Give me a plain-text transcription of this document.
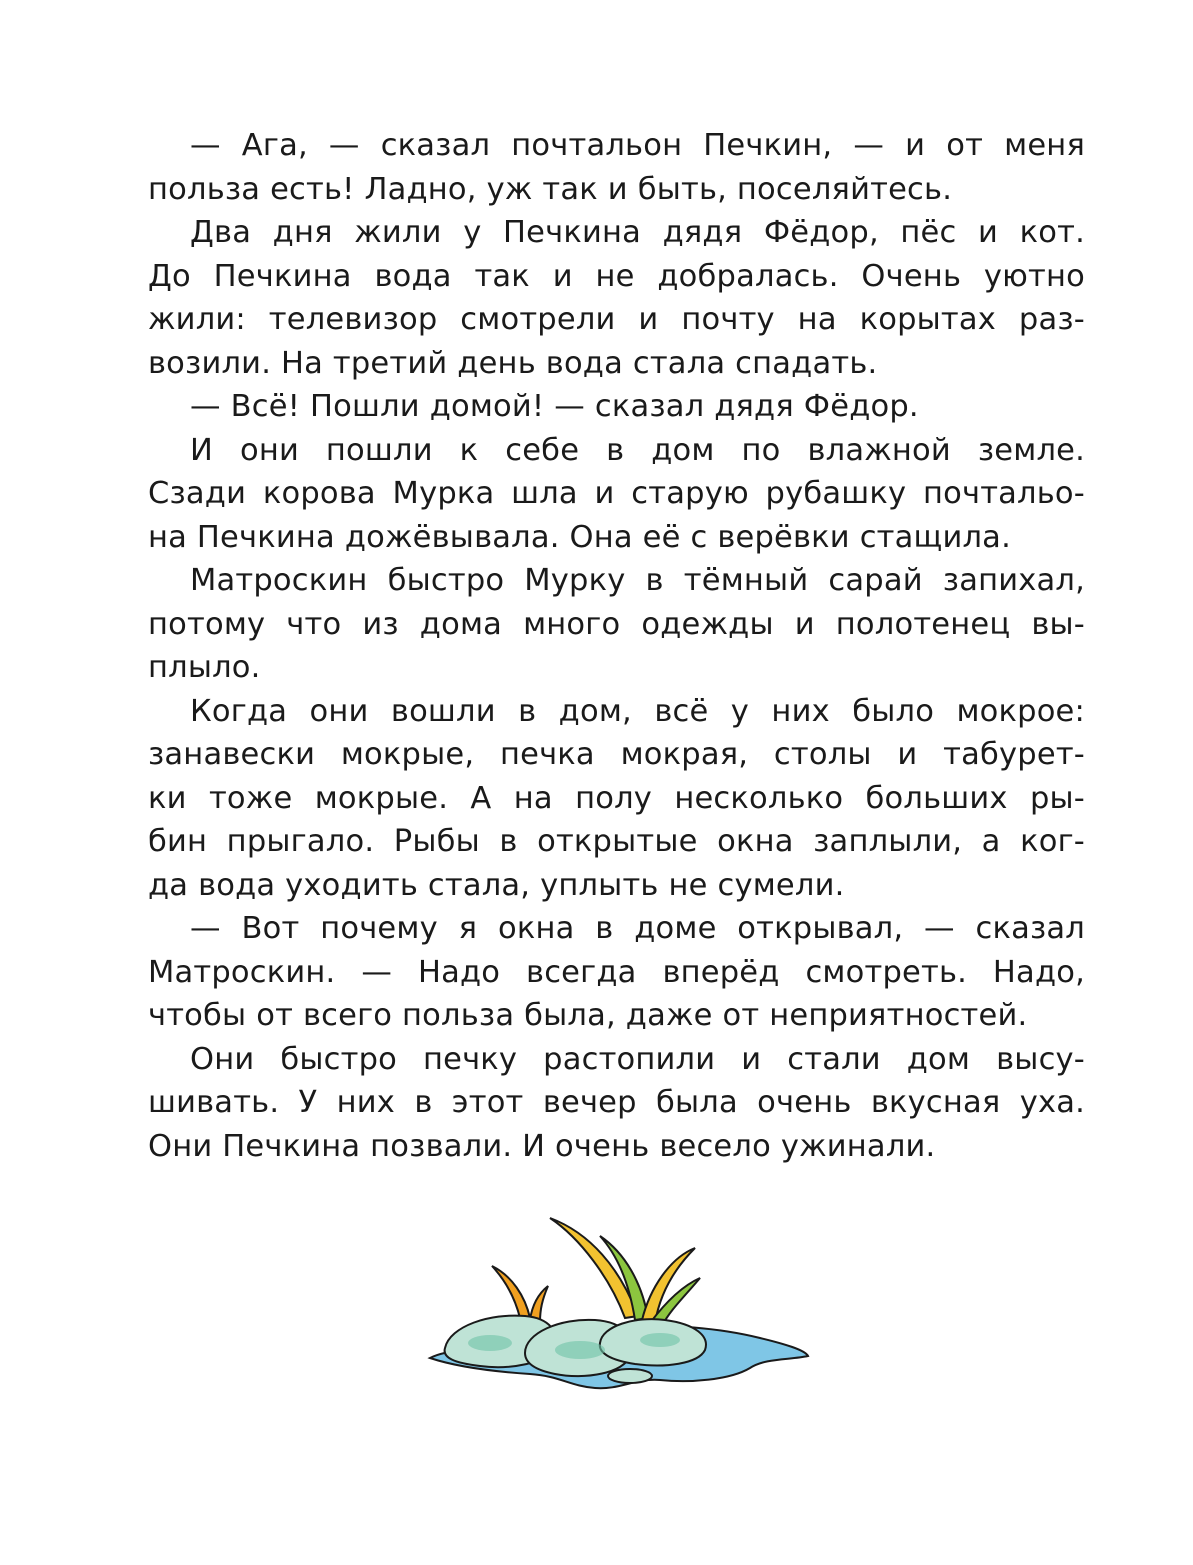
— Ага, — сказал почтальон Печкин, — и от меня
польза есть! Ладно, уж так и быть, поселяйтесь.
Два дня жили у Печкина дядя Фёдор, пёс и кот.
До Печкина вода так и не добралась. Очень уютно
жили: телевизор смотрели и почту на корытах раз-
возили. На третий день вода стала спадать.
— Всё! Пошли домой! — сказал дядя Фёдор.
И они пошли к себе в дом по влажной земле.
Сзади корова Мурка шла и старую рубашку почтальо-
на Печкина дожёвывала. Она её с верёвки стащила.
Матроскин быстро Мурку в тёмный сарай запихал,
потому что из дома много одежды и полотенец вы-
плыло.
Когда они вошли в дом, всё у них было мокрое:
занавески мокрые, печка мокрая, столы и табурет-
ки тоже мокрые. А на полу несколько больших ры-
бин прыгало. Рыбы в открытые окна заплыли, а ког-
да вода уходить стала, уплыть не сумели.
— Вот почему я окна в доме открывал, — сказал
Матроскин. — Надо всегда вперёд смотреть. Надо,
чтобы от всего польза была, даже от неприятностей.
Они быстро печку растопили и стали дом высу-
шивать. У них в этот вечер была очень вкусная уха.
Они Печкина позвали. И очень весело ужинали.
